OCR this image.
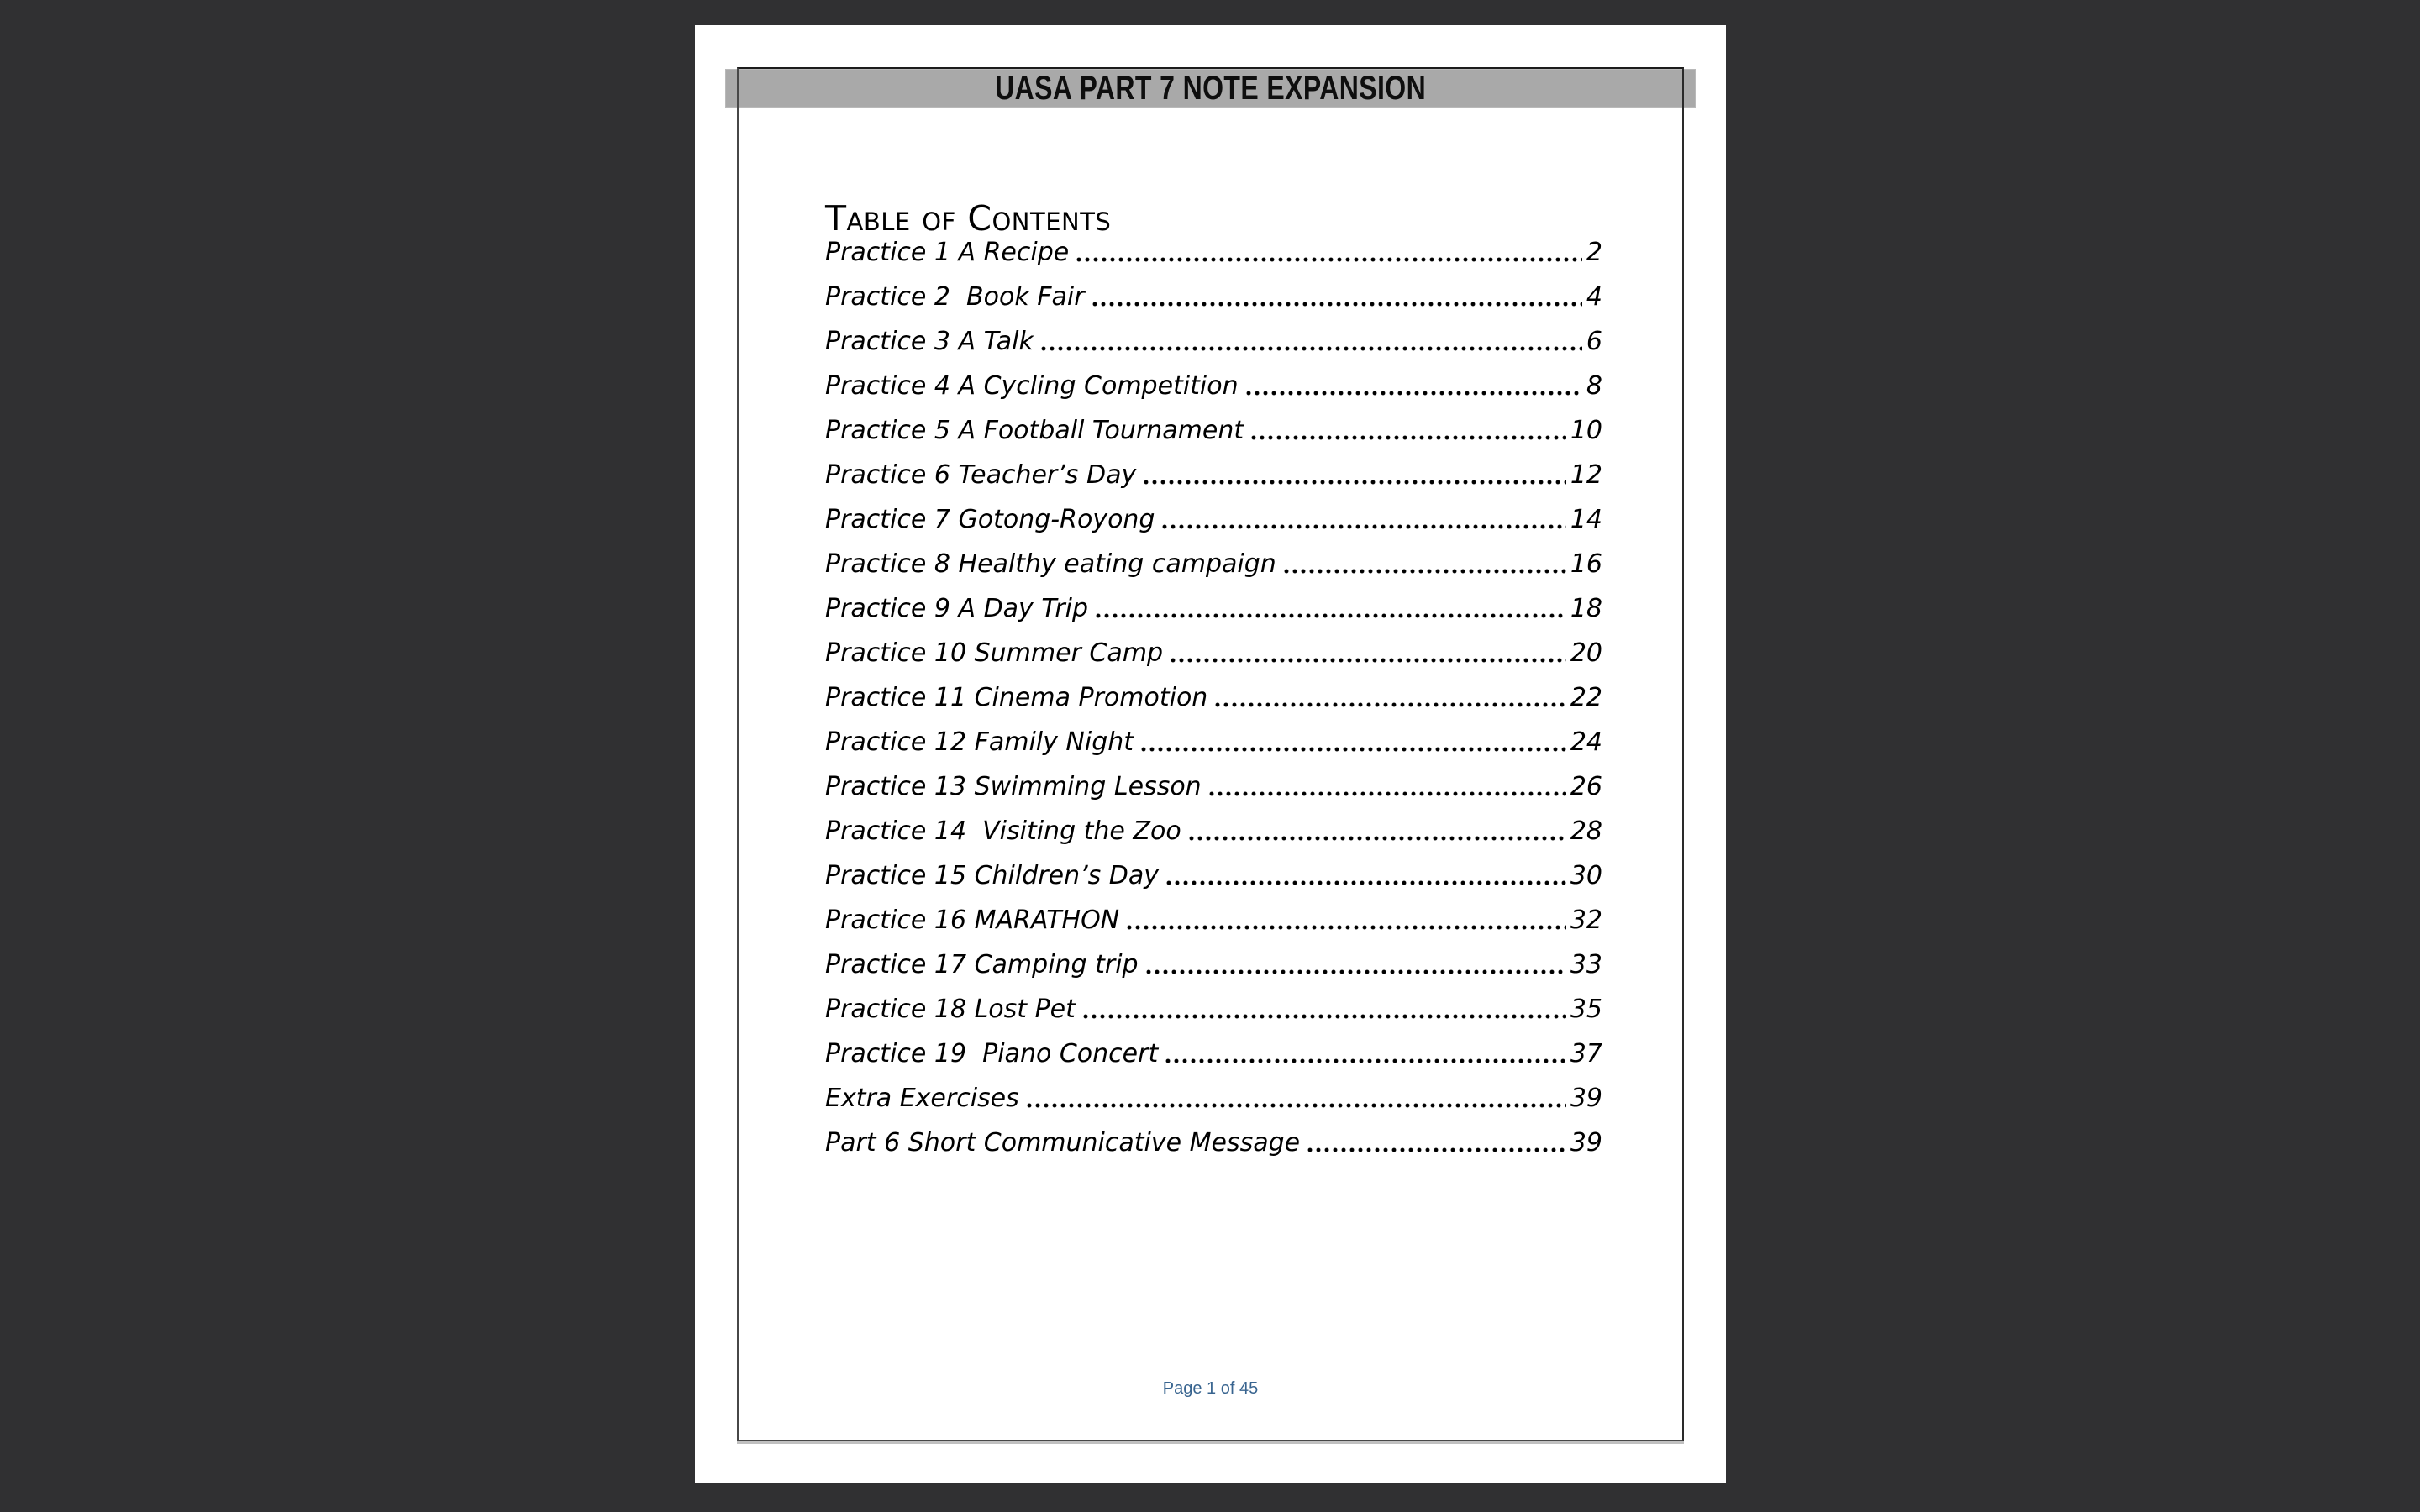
UASA PART 7 NOTE EXPANSION
Table of Contents
Practice 1 A Recipe	2
Practice 2  Book Fair	4
Practice 3 A Talk	6
Practice 4 A Cycling Competition	8
Practice 5 A Football Tournament	10
Practice 6 Teacher’s Day	12
Practice 7 Gotong-Royong	14
Practice 8 Healthy eating campaign	16
Practice 9 A Day Trip	18
Practice 10 Summer Camp	20
Practice 11 Cinema Promotion	22
Practice 12 Family Night	24
Practice 13 Swimming Lesson	26
Practice 14  Visiting the Zoo	28
Practice 15 Children’s Day	30
Practice 16 MARATHON	32
Practice 17 Camping trip	33
Practice 18 Lost Pet	35
Practice 19  Piano Concert	37
Extra Exercises	39
Part 6 Short Communicative Message	39
Page 1 of 45
